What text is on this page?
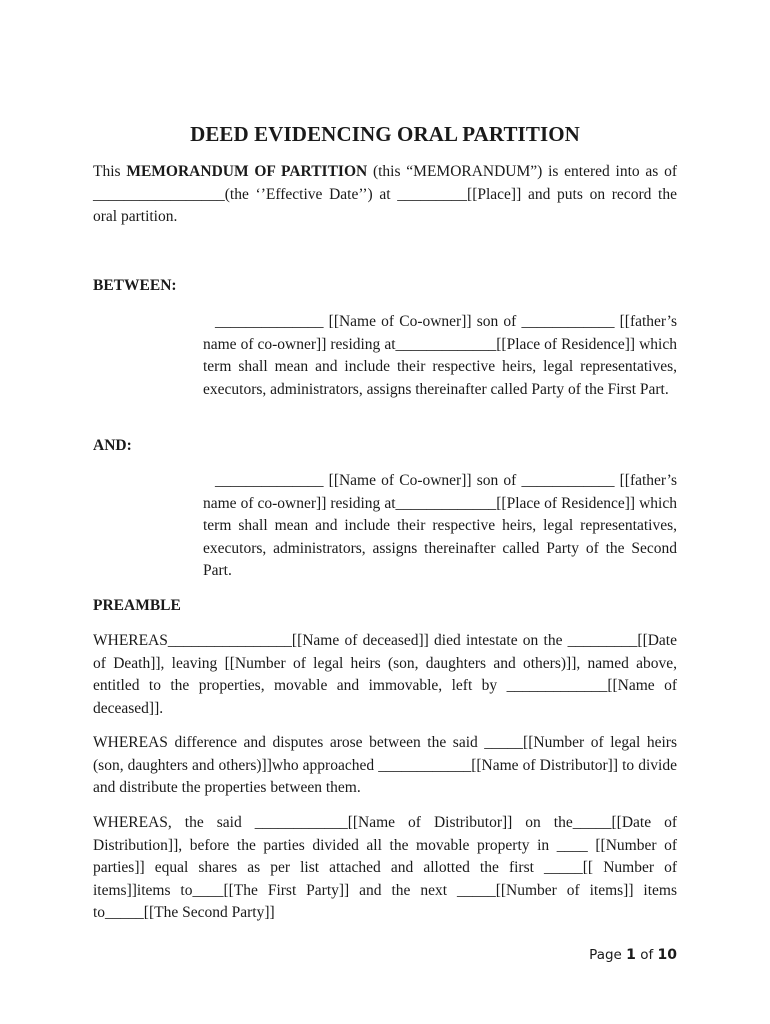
DEED EVIDENCING ORAL PARTITION

This MEMORANDUM OF PARTITION (this “MEMORANDUM”) is entered into as of _________________(the ‘’Effective Date’’) at _________[[Place]] and puts on record the oral partition.

BETWEEN:

______________ [[Name of Co-owner]] son of ____________ [[father’s name of co-owner]] residing at_____________[[Place of Residence]] which term shall mean and include their respective heirs, legal representatives, executors, administrators, assigns thereinafter called Party of the First Part.

AND:

______________ [[Name of Co-owner]] son of ____________ [[father’s name of co-owner]] residing at_____________[[Place of Residence]] which term shall mean and include their respective heirs, legal representatives, executors, administrators, assigns thereinafter called Party of the Second Part.

PREAMBLE

WHEREAS________________[[Name of deceased]] died intestate on the _________[[Date of Death]], leaving [[Number of legal heirs (son, daughters and others)]], named above, entitled to the properties, movable and immovable, left by _____________[[Name of deceased]].

WHEREAS difference and disputes arose between the said _____[[Number of legal heirs (son, daughters and others)]]who approached ____________[[Name of Distributor]] to divide and distribute the properties between them.

WHEREAS, the said ____________[[Name of Distributor]] on the_____[[Date of Distribution]], before the parties divided all the movable property in ____ [[Number of parties]] equal shares as per list attached and allotted the first _____[[ Number of items]]items to____[[The First Party]] and the next _____[[Number of items]] items to_____[[The Second Party]]

Page 1 of 10
